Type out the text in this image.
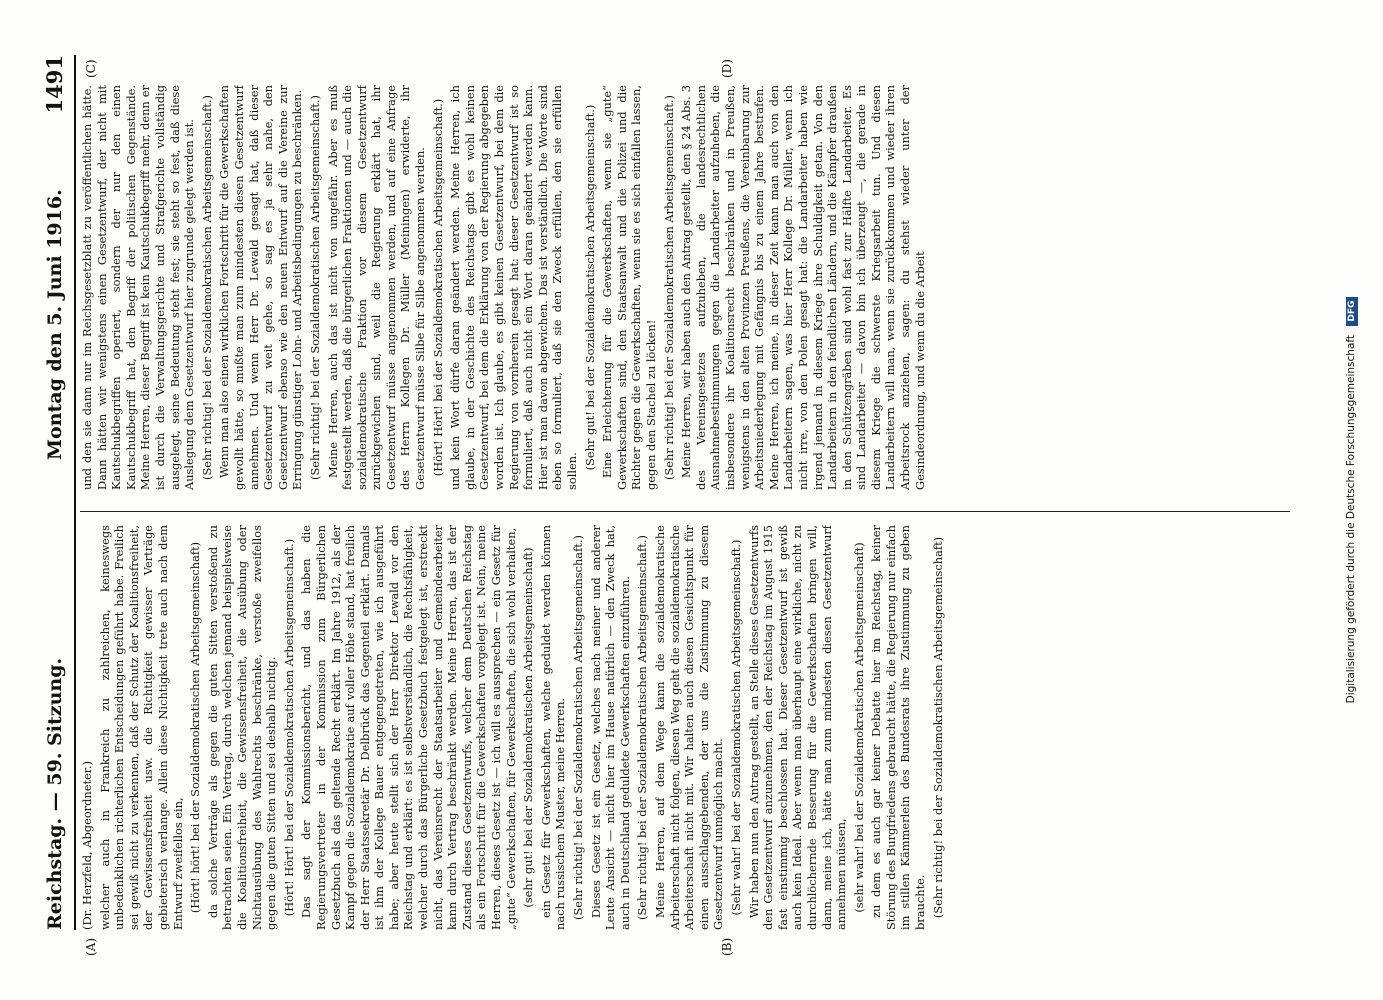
Reichstag. — 59. Sitzung.
Montag den 5. Juni 1916.
1491
(A)	(B)
(C)	(D)

(Dr. Herzfeld, Abgeordneter.) welcher auch in Frankreich zu zahlreichen, keineswegs unbedenklichen richterlichen Entscheidungen geführt habe. Freilich sei gewiß nicht zu verkennen, daß der Schutz der Koalitionsfreiheit, der Gewissensfreiheit usw. die Richtigkeit gewisser Verträge gebieterisch verlange. Allein diese Nichtigkeit trete auch nach dem Entwurf zweifellos ein, (Hört! hört! bei der Sozialdemokratischen Arbeitsgemeinschaft) da solche Verträge als gegen die guten Sitten verstoßend zu betrachten seien. Ein Vertrag, durch welchen jemand beispielsweise die Koalitionsfreiheit, die Gewissensfreiheit, die Ausübung oder Nichtausübung des Wahlrechts beschränke, verstoße zweifellos gegen die guten Sitten und sei deshalb nichtig. (Hört! Hört! bei der Sozialdemokratischen Arbeitsgemeinschaft.) Das sagt der Kommissionsbericht, und das haben die Regierungsvertreter in der Kommission zum Bürgerlichen Gesetzbuch als das geltende Recht erklärt. Im Jahre 1912, als der Kampf gegen die Sozialdemokratie auf voller Höhe stand, hat freilich der Herr Staatssekretär Dr. Delbrück das Gegenteil erklärt. Damals ist ihm der Kollege Bauer entgegengetreten, wie ich ausgeführt habe; aber heute stellt sich der Herr Direktor Lewald vor den Reichstag und erklärt: es ist selbstverständlich, die Rechtsfähigkeit, welcher durch das Bürgerliche Gesetzbuch festgelegt ist, erstreckt nicht, das Vereinsrecht der Staatsarbeiter und Gemeindearbeiter kann durch Vertrag beschränkt werden. Meine Herren, das ist der Zustand dieses Gesetzentwurfs, welcher dem Deutschen Reichstag als ein Fortschritt für die Gewerkschaften vorgelegt ist. Nein, meine Herren, dieses Gesetz ist — ich will es aussprechen — ein Gesetz für „gute“ Gewerkschaften, für Gewerkschaften, die sich wohl verhalten, (sehr gut! bei der Sozialdemokratischen Arbeitsgemeinschaft) ein Gesetz für Gewerkschaften, welche geduldet werden können nach russischem Muster, meine Herren. (Sehr richtig! bei der Sozialdemokratischen Arbeitsgemeinschaft.) Dieses Gesetz ist ein Gesetz, welches nach meiner und anderer Leute Ansicht — nicht hier im Hause natürlich — den Zweck hat, auch in Deutschland geduldete Gewerkschaften einzuführen. (Sehr richtig! bei der Sozialdemokratischen Arbeitsgemeinschaft.) Meine Herren, auf dem Wege kann die sozialdemokratische Arbeiterschaft nicht folgen, diesen Weg geht die sozialdemokratische Arbeiterschaft nicht mit. Wir halten auch diesen Gesichtspunkt für einen ausschlaggebenden, der uns die Zustimmung zu diesem Gesetzentwurf unmöglich macht. (Sehr wahr! bei der Sozialdemokratischen Arbeitsgemeinschaft.) Wir haben nun den Antrag gestellt, an Stelle dieses Gesetzentwurfs den Gesetzentwurf anzunehmen, den der Reichstag im August 1915 fast einstimmig beschlossen hat. Dieser Gesetzentwurf ist gewiß auch kein Ideal. Aber wenn man überhaupt eine wirkliche, nicht zu durchlöchernde Besserung für die Gewerkschaften bringen will, dann, meine ich, hätte man zum mindesten diesen Gesetzentwurf annehmen müssen, (sehr wahr! bei der Sozialdemokratischen Arbeitsgemeinschaft) zu dem es auch gar keiner Debatte hier im Reichstag, keiner Störung des Burgfriedens gebraucht hätte, die Regierung nur einfach im stillen Kämmerlein des Bundesrats ihre Zustimmung zu geben brauchte. (Sehr richtig! bei der Sozialdemokratischen Arbeitsgemeinschaft)

und den sie dann nur im Reichsgesetzblatt zu veröffentlichen hätte. Dann hätten wir wenigstens einen Gesetzentwurf, der nicht mit Kautschukbegriffen operiert, sondern der nur den einen Kautschukbegriff hat, den Begriff der politischen Gegenstände. Meine Herren, dieser Begriff ist kein Kautschukbegriff mehr, denn er ist durch die Verwaltungsgerichte und Strafgerichte vollständig ausgelegt, seine Bedeutung steht fest; sie steht so fest, daß diese Auslegung dem Gesetzentwurf hier zugrunde gelegt werden ist. (Sehr richtig! bei der Sozialdemokratischen Arbeitsgemeinschaft.) Wenn man also einen wirklichen Fortschritt für die Gewerkschaften gewollt hätte, so mußte man zum mindesten diesen Gesetzentwurf annehmen. Und wenn Herr Dr. Lewald gesagt hat, daß dieser Gesetzentwurf zu weit gehe, so sag es ja sehr nahe, den Gesetzentwurf ebenso wie den neuen Entwurf auf die Vereine zur Erringung günstiger Lohn- und Arbeitsbedingungen zu beschränken. (Sehr richtig! bei der Sozialdemokratischen Arbeitsgemeinschaft.) Meine Herren, auch das ist nicht von ungefähr. Aber es muß festgestellt werden, daß die bürgerlichen Fraktionen und — auch die sozialdemokratische Fraktion vor diesem Gesetzentwurf zurückgewichen sind, weil die Regierung erklärt hat, ihr Gesetzentwurf müsse angenommen werden, und auf eine Anfrage des Herrn Kollegen Dr. Müller (Meiningen) erwiderte, ihr Gesetzentwurf müsse Silbe für Silbe angenommen werden. (Hört! Hört! bei der Sozialdemokratischen Arbeitsgemeinschaft.) und kein Wort dürfe daran geändert werden. Meine Herren, ich glaube, in der Geschichte des Reichstags gibt es wohl keinen Gesetzentwurf, bei dem die Erklärung von der Regierung abgegeben worden ist. Ich glaube, es gibt keinen Gesetzentwurf, bei dem die Regierung von vornherein gesagt hat: dieser Gesetzentwurf ist so formuliert, daß auch nicht ein Wort daran geändert werden kann. Hier ist man davon abgewichen. Das ist verständlich. Die Worte sind eben so formuliert, daß sie den Zweck erfüllen, den sie erfüllen sollen.

(Sehr gut! bei der Sozialdemokratischen Arbeitsgemeinschaft.) Eine Erleichterung für die Gewerkschaften, wenn sie „gute“ Gewerkschaften sind, den Staatsanwalt und die Polizei und die Richter gegen die Gewerkschaften, wenn sie es sich einfallen lassen, gegen den Stachel zu löcken! (Sehr richtig! bei der Sozialdemokratischen Arbeitsgemeinschaft.) Meine Herren, wir haben auch den Antrag gestellt, den § 24 Abs. 3 des Vereinsgesetzes aufzuheben, die landesrechtlichen Ausnahmebestimmungen gegen die Landarbeiter aufzuheben, die insbesondere ihr Koalitionsrecht beschränken und in Preußen, wenigstens in den alten Provinzen Preußens, die Vereinbarung zur Arbeitsniederlegung mit Gefängnis bis zu einem Jahre bestrafen. Meine Herren, ich meine, in dieser Zeit kann man auch von den Landarbeitern sagen, was hier Herr Kollege Dr. Müller, wenn ich nicht irre, von den Polen gesagt hat: die Landarbeiter haben wie irgend jemand in diesem Kriege ihre Schuldigkeit getan. Von den Landarbeitern in den feindlichen Ländern, und die Kämpfer draußen in den Schützengräben sind wohl fast zur Hälfte Landarbeiter. Es sind Landarbeiter — davon bin ich überzeugt —, die gerade in diesem Kriege die schwerste Kriegsarbeit tun. Und diesen Landarbeitern will man, wenn sie zurückkommen und wieder ihren Arbeitsrock anziehen, sagen: du stehst wieder unter der Gesindeordnung, und wenn du die Arbeit	Digitalisierung gefördert durch die Deutsche Forschungsgemeinschaft DFG
